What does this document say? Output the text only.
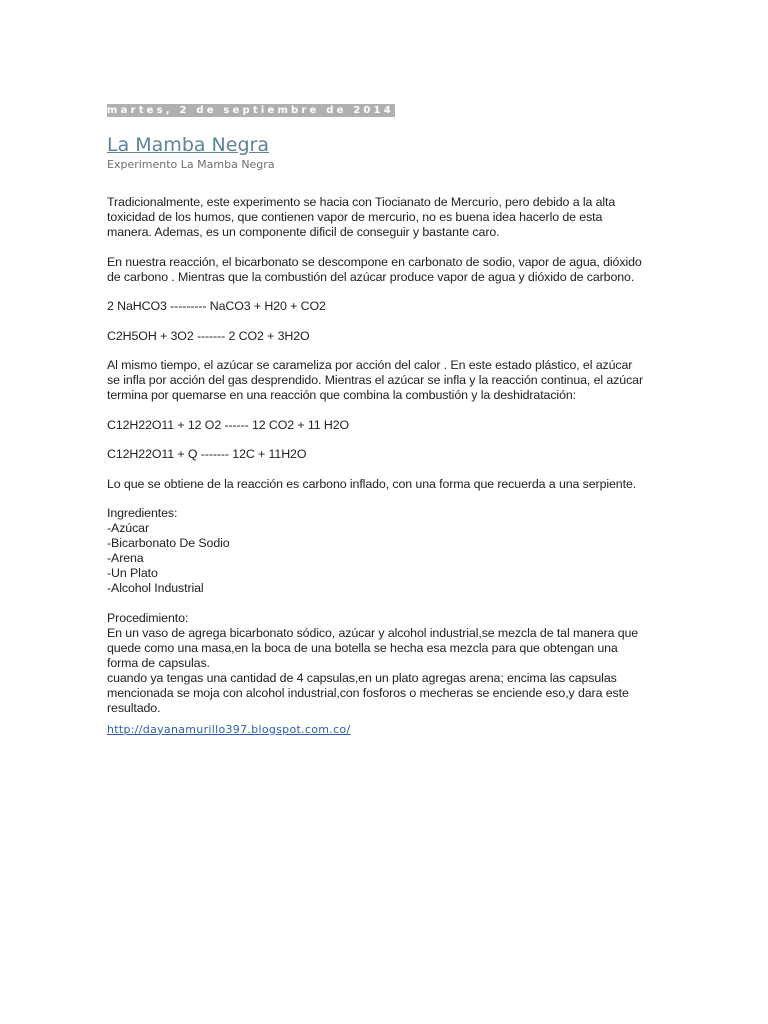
martes, 2 de septiembre de 2014
La Mamba Negra
Experimento La Mamba Negra
Tradicionalmente, este experimento se hacia con Tiocianato de Mercurio, pero debido a la alta
toxicidad de los humos, que contienen vapor de mercurio, no es buena idea hacerlo de esta
manera. Ademas, es un componente dificil de conseguir y bastante caro.
En nuestra reacción, el bicarbonato se descompone en carbonato de sodio, vapor de agua, dióxido
de carbono . Mientras que la combustión del azúcar produce vapor de agua y dióxido de carbono.
2 NaHCO3 --------- NaCO3 + H20 + CO2
C2H5OH + 3O2 ------- 2 CO2 + 3H2O
Al mismo tiempo, el azúcar se carameliza por acción del calor . En este estado plástico, el azúcar
se infla por acción del gas desprendido. Mientras el azúcar se infla y la reacción continua, el azúcar
termina por quemarse en una reacción que combina la combustión y la deshidratación:
C12H22O11 + 12 O2 ------ 12 CO2 + 11 H2O
C12H22O11 + Q ------- 12C + 11H2O
Lo que se obtiene de la reacción es carbono inflado, con una forma que recuerda a una serpiente.
Ingredientes:
-Azúcar
-Bicarbonato De Sodio
-Arena
-Un Plato
-Alcohol Industrial
Procedimiento:
En un vaso de agrega bicarbonato sódico, azúcar y alcohol industrial,se mezcla de tal manera que
quede como una masa,en la boca de una botella se hecha esa mezcla para que obtengan una
forma de capsulas.
cuando ya tengas una cantidad de 4 capsulas,en un plato agregas arena; encima las capsulas
mencionada se moja con alcohol industrial,con fosforos o mecheras se enciende eso,y dara este
resultado.
http://dayanamurillo397.blogspot.com.co/
